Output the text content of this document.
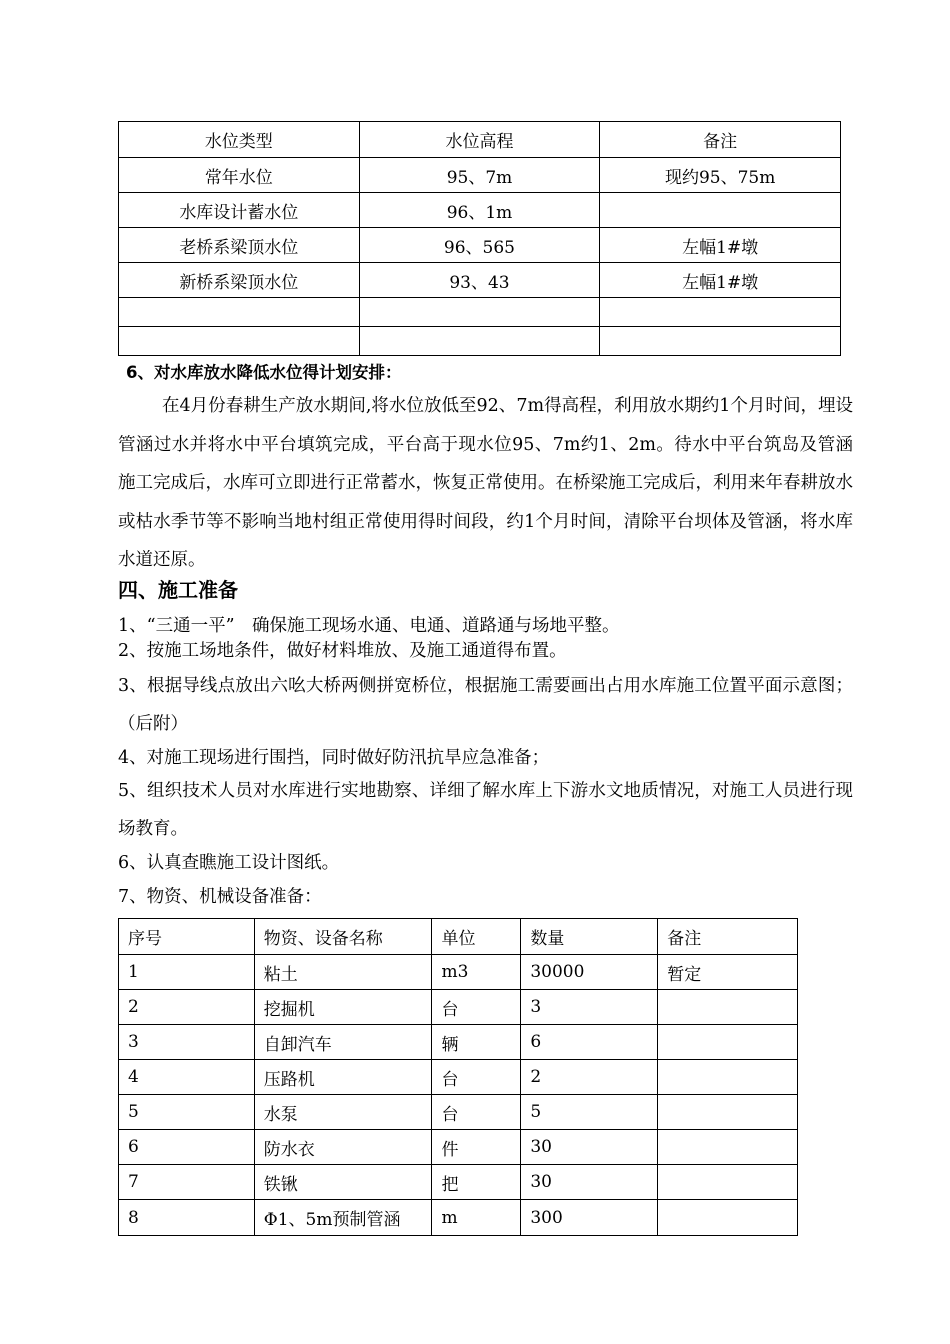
水位类型	水位高程	备注
常年水位	95、7m	现约95、75m
水库设计蓄水位	96、1m	
老桥系梁顶水位	96、565	左幅1#墩
新桥系梁顶水位	93、43	左幅1#墩

6、对水库放水降低水位得计划安排：
在4月份春耕生产放水期间,将水位放低至92、7m得高程，利用放水期约1个月时间，埋设管涵过水并将水中平台填筑完成，平台高于现水位95、7m约1、2m。待水中平台筑岛及管涵施工完成后，水库可立即进行正常蓄水，恢复正常使用。在桥梁施工完成后，利用来年春耕放水或枯水季节等不影响当地村组正常使用得时间段，约1个月时间，清除平台坝体及管涵，将水库水道还原。
四、施工准备
1、“三通一平”　确保施工现场水通、电通、道路通与场地平整。
2、按施工场地条件，做好材料堆放、及施工通道得布置。
3、根据导线点放出六吆大桥两侧拼宽桥位，根据施工需要画出占用水库施工位置平面示意图；（后附）
4、对施工现场进行围挡，同时做好防汛抗旱应急准备；
5、组织技术人员对水库进行实地勘察、详细了解水库上下游水文地质情况，对施工人员进行现场教育。
6、认真查瞧施工设计图纸。
7、物资、机械设备准备：
序号	物资、设备名称	单位	数量	备注
1	粘土	m3	30000	暂定
2	挖掘机	台	3	
3	自卸汽车	辆	6	
4	压路机	台	2	
5	水泵	台	5	
6	防水衣	件	30	
7	铁锹	把	30	
8	Φ1、5m预制管涵	m	300	
